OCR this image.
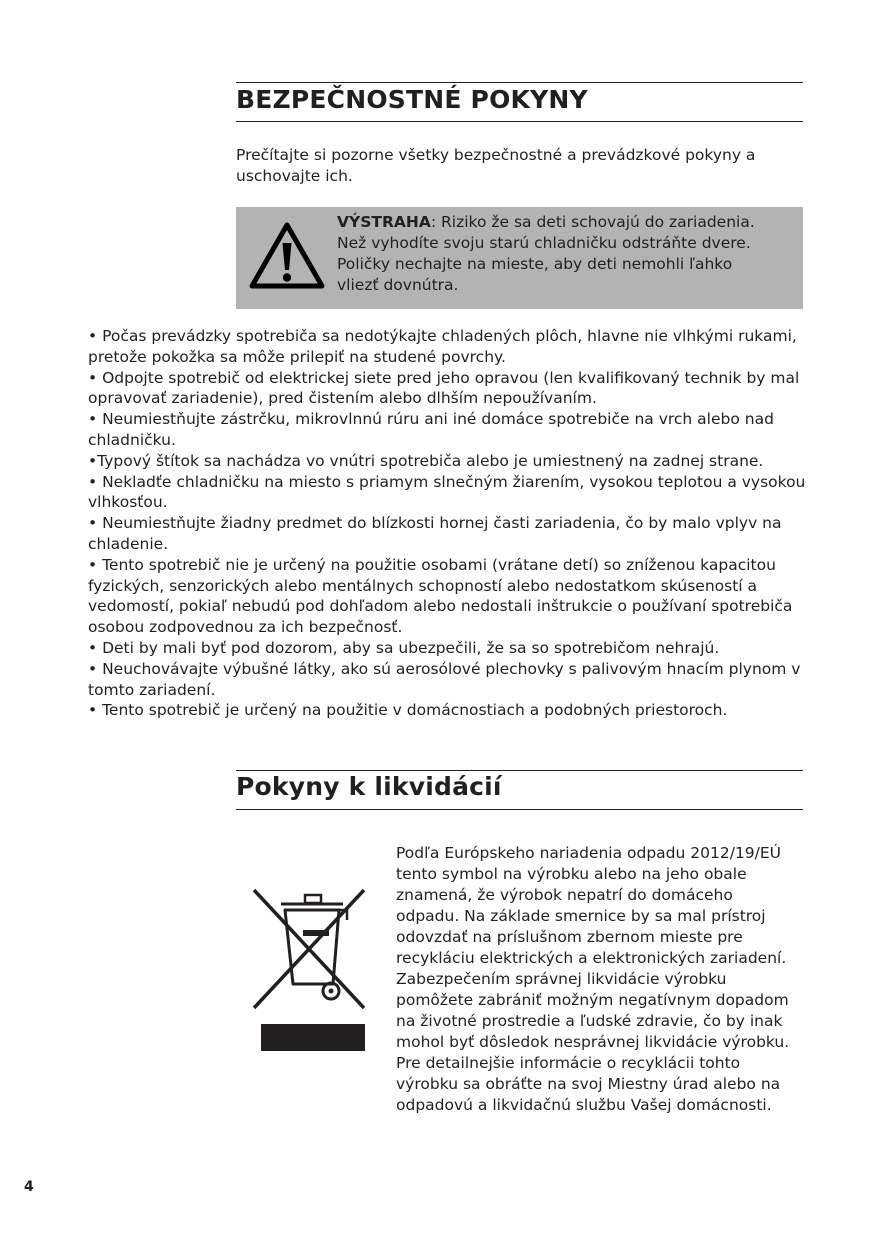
BEZPEČNOSTNÉ POKYNY

Prečítajte si pozorne všetky bezpečnostné a prevádzkové pokyny a uschovajte ich.

VÝSTRAHA: Riziko že sa deti schovajú do zariadenia. Než vyhodíte svoju starú chladničku odstráňte dvere. Poličky nechajte na mieste, aby deti nemohli ľahko vliezť dovnútra.

• Počas prevádzky spotrebiča sa nedotýkajte chladených plôch, hlavne nie vlhkými rukami, pretože pokožka sa môže prilepiť na studené povrchy.
• Odpojte spotrebič od elektrickej siete pred jeho opravou (len kvalifikovaný technik by mal opravovať zariadenie), pred čistením alebo dlhším nepoužívaním.
• Neumiestňujte zástrčku, mikrovlnnú rúru ani iné domáce spotrebiče na vrch alebo nad chladničku.
•Typový štítok sa nachádza vo vnútri spotrebiča alebo je umiestnený na zadnej strane.
• Nekladťe chladničku na miesto s priamym slnečným žiarením, vysokou teplotou a vysokou vlhkosťou.
• Neumiestňujte žiadny predmet do blízkosti hornej časti zariadenia, čo by malo vplyv na chladenie.
• Tento spotrebič nie je určený na použitie osobami (vrátane detí) so zníženou kapacitou fyzických, senzorických alebo mentálnych schopností alebo nedostatkom skúseností a vedomostí, pokiaľ nebudú pod dohľadom alebo nedostali inštrukcie o používaní spotrebiča osobou zodpovednou za ich bezpečnosť.
• Deti by mali byť pod dozorom, aby sa ubezpečili, že sa so spotrebičom nehrajú.
• Neuchovávajte výbušné látky, ako sú aerosólové plechovky s palivovým hnacím plynom v tomto zariadení.
• Tento spotrebič je určený na použitie v domácnostiach a podobných priestoroch.
Pokyny k likvidácií

Podľa Európskeho nariadenia odpadu 2012/19/EÚ tento symbol na výrobku alebo na jeho obale znamená, že výrobok nepatrí do domáceho odpadu. Na základe smernice by sa mal prístroj odovzdať na príslušnom zbernom mieste pre recykláciu elektrických a elektronických zariadení. Zabezpečením správnej likvidácie výrobku pomôžete zabrániť možným negatívnym dopadom na životné prostredie a ľudské zdravie, čo by inak mohol byť dôsledok nesprávnej likvidácie výrobku. Pre detailnejšie informácie o recyklácii tohto výrobku sa obráťte na svoj Miestny úrad alebo na odpadovú a likvidačnú službu Vašej domácnosti.

4
